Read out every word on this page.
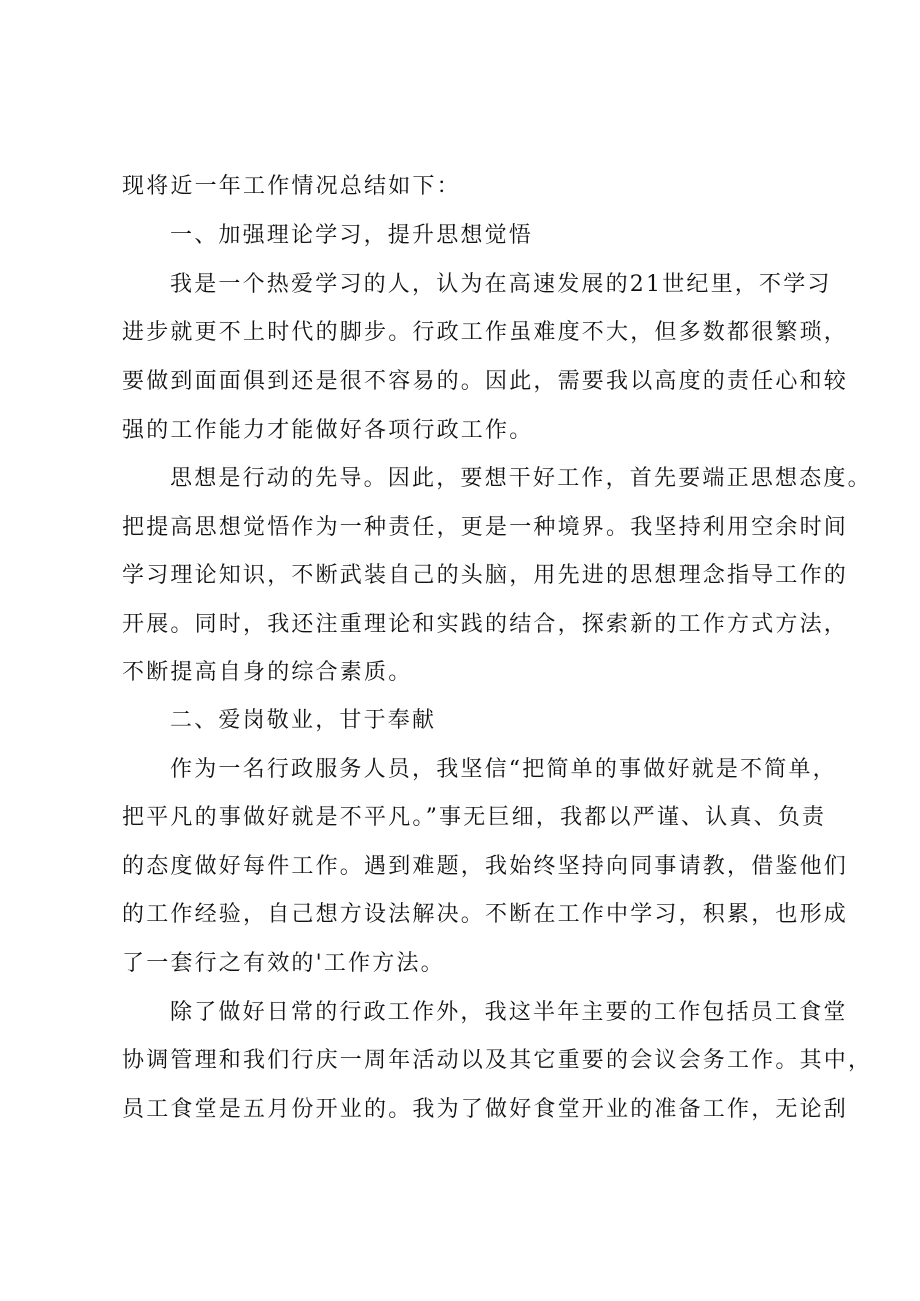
现将近一年工作情况总结如下：
一、加强理论学习，提升思想觉悟
我是一个热爱学习的人，认为在高速发展的21世纪里，不学习
进步就更不上时代的脚步。行政工作虽难度不大，但多数都很繁琐，
要做到面面俱到还是很不容易的。因此，需要我以高度的责任心和较
强的工作能力才能做好各项行政工作。
思想是行动的先导。因此，要想干好工作，首先要端正思想态度。
把提高思想觉悟作为一种责任，更是一种境界。我坚持利用空余时间
学习理论知识，不断武装自己的头脑，用先进的思想理念指导工作的
开展。同时，我还注重理论和实践的结合，探索新的工作方式方法，
不断提高自身的综合素质。
二、爱岗敬业，甘于奉献
作为一名行政服务人员，我坚信“把简单的事做好就是不简单，
把平凡的事做好就是不平凡。”事无巨细，我都以严谨、认真、负责
的态度做好每件工作。遇到难题，我始终坚持向同事请教，借鉴他们
的工作经验，自己想方设法解决。不断在工作中学习，积累，也形成
了一套行之有效的'工作方法。
除了做好日常的行政工作外，我这半年主要的工作包括员工食堂
协调管理和我们行庆一周年活动以及其它重要的会议会务工作。其中，
员工食堂是五月份开业的。我为了做好食堂开业的准备工作，无论刮
